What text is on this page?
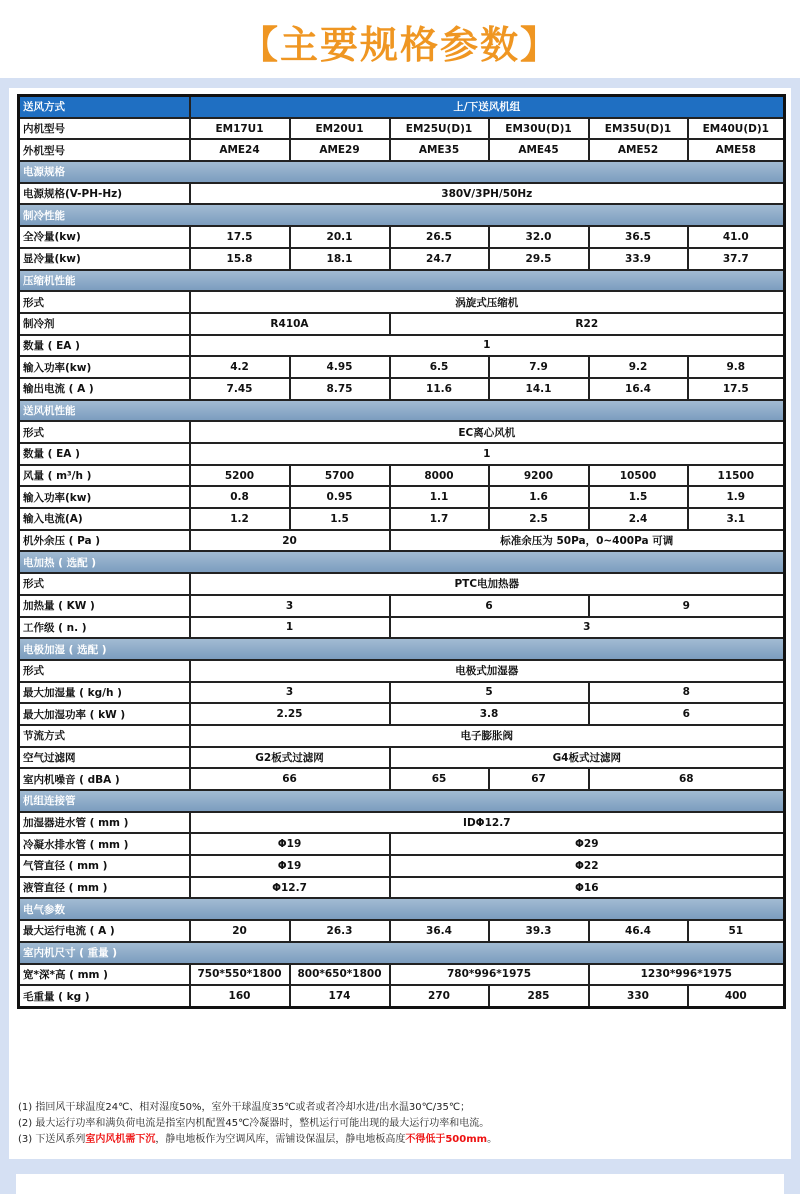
【主要规格参数】
送风方式	上/下送风机组					
内机型号	EM17U1	EM20U1	EM25U(D)1	EM30U(D)1	EM35U(D)1	EM40U(D)1
外机型号	AME24	AME29	AME35	AME45	AME52	AME58
电源规格						
电源规格(V-PH-Hz)	380V/3PH/50Hz					
制冷性能						
全冷量(kw)	17.5	20.1	26.5	32.0	36.5	41.0
显冷量(kw)	15.8	18.1	24.7	29.5	33.9	37.7
压缩机性能						
形式	涡旋式压缩机					
制冷剂	R410A		R22			
数量 ( EA )	1					
输入功率(kw)	4.2	4.95	6.5	7.9	9.2	9.8
输出电流 ( A )	7.45	8.75	11.6	14.1	16.4	17.5
送风机性能						
形式	EC离心风机					
数量 ( EA )	1					
风量 ( m³/h )	5200	5700	8000	9200	10500	11500
输入功率(kw)	0.8	0.95	1.1	1.6	1.5	1.9
输入电流(A)	1.2	1.5	1.7	2.5	2.4	3.1
机外余压 ( Pa )	20		标准余压为 50Pa，0~400Pa 可调			
电加热 ( 选配 )						
形式	PTC电加热器					
加热量 ( KW )	3		6		9	
工作级 ( n. )	1		3			
电极加湿 ( 选配 )						
形式	电极式加湿器					
最大加湿量 ( kg/h )	3		5		8	
最大加湿功率 ( kW )	2.25		3.8		6	
节流方式	电子膨胀阀					
空气过滤网	G2板式过滤网		G4板式过滤网			
室内机噪音 ( dBA )	66		65	67	68	
机组连接管						
加湿器进水管 ( mm )	IDΦ12.7					
冷凝水排水管 ( mm )	Φ19		Φ29			
气管直径 ( mm )	Φ19		Φ22			
液管直径 ( mm )	Φ12.7		Φ16			
电气参数						
最大运行电流 ( A )	20	26.3	36.4	39.3	46.4	51
室内机尺寸 ( 重量 )						
宽*深*高 ( mm )	750*550*1800	800*650*1800	780*996*1975		1230*996*1975	
毛重量 ( kg )	160	174	270	285	330	400
(1) 指回风干球温度24℃、相对湿度50%，室外干球温度35℃或者或者冷却水进/出水温30℃/35℃；
(2) 最大运行功率和满负荷电流是指室内机配置45℃冷凝器时，整机运行可能出现的最大运行功率和电流。
(3) 下送风系列室内风机需下沉，静电地板作为空调风库，需铺设保温层，静电地板高度不得低于500mm。
